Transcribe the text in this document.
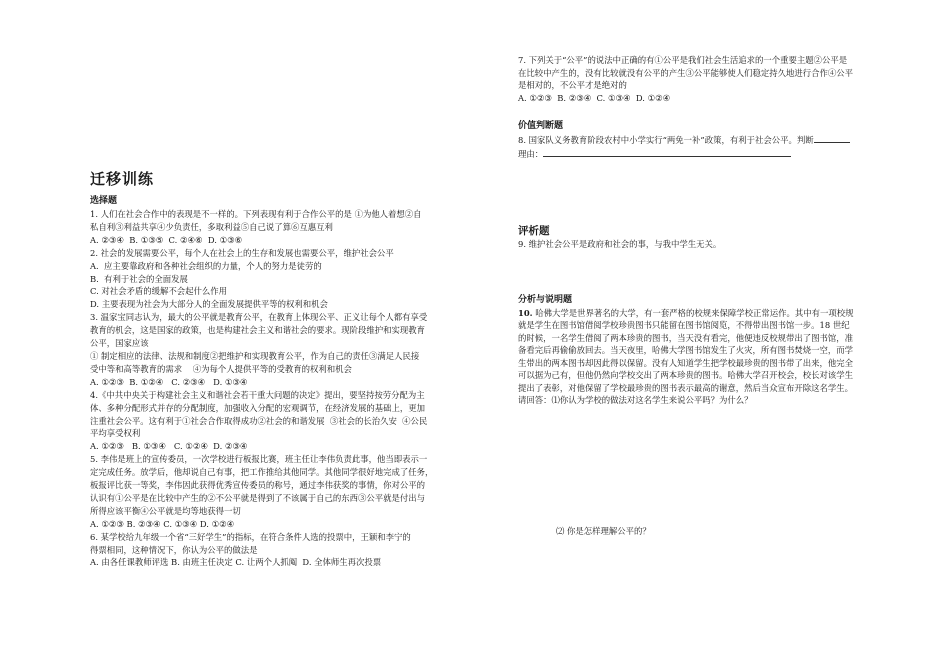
迁移训练

选择题

1. 人们在社会合作中的表现是不一样的。下列表现有利于合作公平的是 ①为他人着想②自

私自利③利益共享④少负责任，多取利益⑤自己说了算⑥互惠互利

A. ②③④  B. ①③⑤  C. ②④⑥  D. ①③⑥

2. 社会的发展需要公平，每个人在社会上的生存和发展也需要公平，维护社会公平

A.  应主要靠政府和各种社会组织的力量，个人的努力是徒劳的

B.  有利于社会的全面发展

C. 对社会矛盾的缓解不会起什么作用

D. 主要表现为社会为大部分人的全面发展提供平等的权利和机会

3. 温家宝同志认为，最大的公平就是教育公平，在教育上体现公平、正义让每个人都有享受

教育的机会，这是国家的政策，也是构建社会主义和谐社会的要求。现阶段维护和实现教育

公平，国家应该

① 制定相应的法律、法规和制度②把维护和实现教育公平，作为自己的责任③满足人民接

受中等和高等教育的需求    ④为每个人提供平等的受教育的权利和机会

A. ①②③  B. ①②④   C. ②③④   D. ①③④

4.《中共中央关于构建社会主义和谐社会若干重大问题的决定》提出，要坚持按劳分配为主

体、多种分配形式并存的分配制度，加强收入分配的宏观调节，在经济发展的基础上，更加

注重社会公平。这有利于①社会合作取得成功②社会的和谐发展  ③社会的长治久安  ④公民

平均享受权利

A. ①②③   B. ①③④   C. ①②④  D. ②③④

5. 李伟是班上的宣传委员，一次学校进行板报比赛，班主任让李伟负责此事，他当即表示一

定完成任务。放学后，他却说自己有事，把工作推给其他同学。其他同学很好地完成了任务，

板报评比获一等奖，李伟因此获得优秀宣传委员的称号，通过李伟获奖的事情，你对公平的

认识有①公平是在比较中产生的②不公平就是得到了不该属于自己的东西③公平就是付出与

所得应该平衡④公平就是均等地获得一切

A. ①②③ B. ②③④ C. ①③④ D. ①②④

6. 某学校给九年级一个省“三好学生”的指标，在符合条件人选的投票中，王颖和李宁的

得票相同，这种情况下，你认为公平的做法是

A. 由各任课教师评选 B. 由班主任决定 C. 让两个人抓阄  D. 全体师生再次投票

7. 下列关于“公平”的说法中正确的有①公平是我们社会生活追求的一个重要主题②公平是

在比较中产生的，没有比较就没有公平的产生③公平能够使人们稳定持久地进行合作④公平

是相对的，不公平才是绝对的

A. ①②③  B. ②③④  C. ①③④  D. ①②④

价值判断题

8. 国家队义务教育阶段农村中小学实行“两免一补”政策，有利于社会公平。判断

理由：

评析题

9. 维护社会公平是政府和社会的事，与我中学生无关。

分析与说明题

10. 哈佛大学是世界著名的大学，有一套严格的校规来保障学校正常运作。其中有一项校规

就是学生在图书馆借阅学校珍贵图书只能留在图书馆阅览，不得带出图书馆一步。18 世纪

的时候，一名学生借阅了两本珍贵的图书，当天没有看完，他便违反校规带出了图书馆，准

备看完后再偷偷放回去。当天夜里，哈佛大学图书馆发生了火灾，所有图书焚烧一空，而学

生带出的两本图书却因此得以保留。没有人知道学生把学校最珍贵的图书带了出来，他完全

可以据为己有，但他仍然向学校交出了两本珍贵的图书。哈佛大学召开校会，校长对该学生

提出了表彰，对他保留了学校最珍贵的图书表示最高的谢意，然后当众宣布开除这名学生。

请回答：⑴你认为学校的做法对这名学生来说公平吗？为什么？

⑵ 你是怎样理解公平的？
